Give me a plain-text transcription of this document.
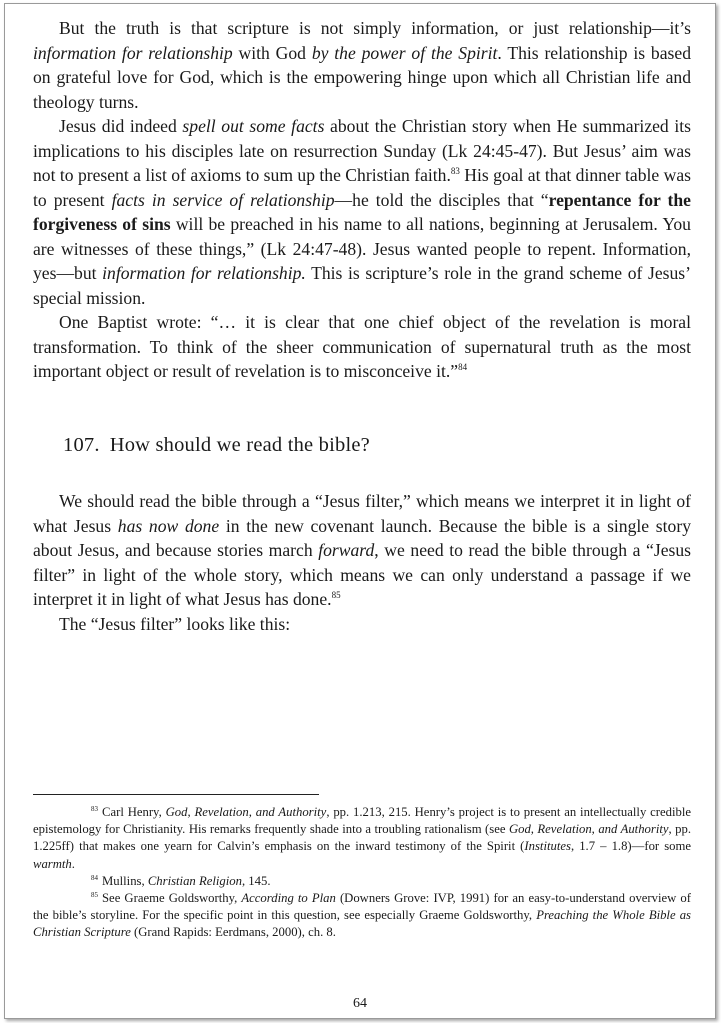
But the truth is that scripture is not simply information, or just relationship—it’s information for relationship with God by the power of the Spirit. This relationship is based on grateful love for God, which is the empowering hinge upon which all Christian life and theology turns.

Jesus did indeed spell out some facts about the Christian story when He summarized its implications to his disciples late on resurrection Sunday (Lk 24:45-47). But Jesus’ aim was not to present a list of axioms to sum up the Christian faith.$^{83}$ His goal at that dinner table was to present facts in service of relationship—he told the disciples that “repentance for the forgiveness of sins will be preached in his name to all nations, beginning at Jerusalem. You are witnesses of these things,” (Lk 24:47-48). Jesus wanted people to repent. Information, yes—but information for relationship. This is scripture’s role in the grand scheme of Jesus’ special mission.

One Baptist wrote: “… it is clear that one chief object of the revelation is moral transformation. To think of the sheer communication of supernatural truth as the most important object or result of revelation is to misconceive it.”$^{84}$

107. How should we read the bible?

We should read the bible through a “Jesus filter,” which means we interpret it in light of what Jesus has now done in the new covenant launch. Because the bible is a single story about Jesus, and because stories march forward, we need to read the bible through a “Jesus filter” in light of the whole story, which means we can only understand a passage if we interpret it in light of what Jesus has done.$^{85}$

The “Jesus filter” looks like this:

$^{83}$ Carl Henry, God, Revelation, and Authority, pp. 1.213, 215. Henry’s project is to present an intellectually credible epistemology for Christianity. His remarks frequently shade into a troubling rationalism (see God, Revelation, and Authority, pp. 1.225ff) that makes one yearn for Calvin’s emphasis on the inward testimony of the Spirit (Institutes, 1.7 – 1.8)—for some warmth.

$^{84}$ Mullins, Christian Religion, 145.

$^{85}$ See Graeme Goldsworthy, According to Plan (Downers Grove: IVP, 1991) for an easy-to-understand overview of the bible’s storyline. For the specific point in this question, see especially Graeme Goldsworthy, Preaching the Whole Bible as Christian Scripture (Grand Rapids: Eerdmans, 2000), ch. 8.

64
